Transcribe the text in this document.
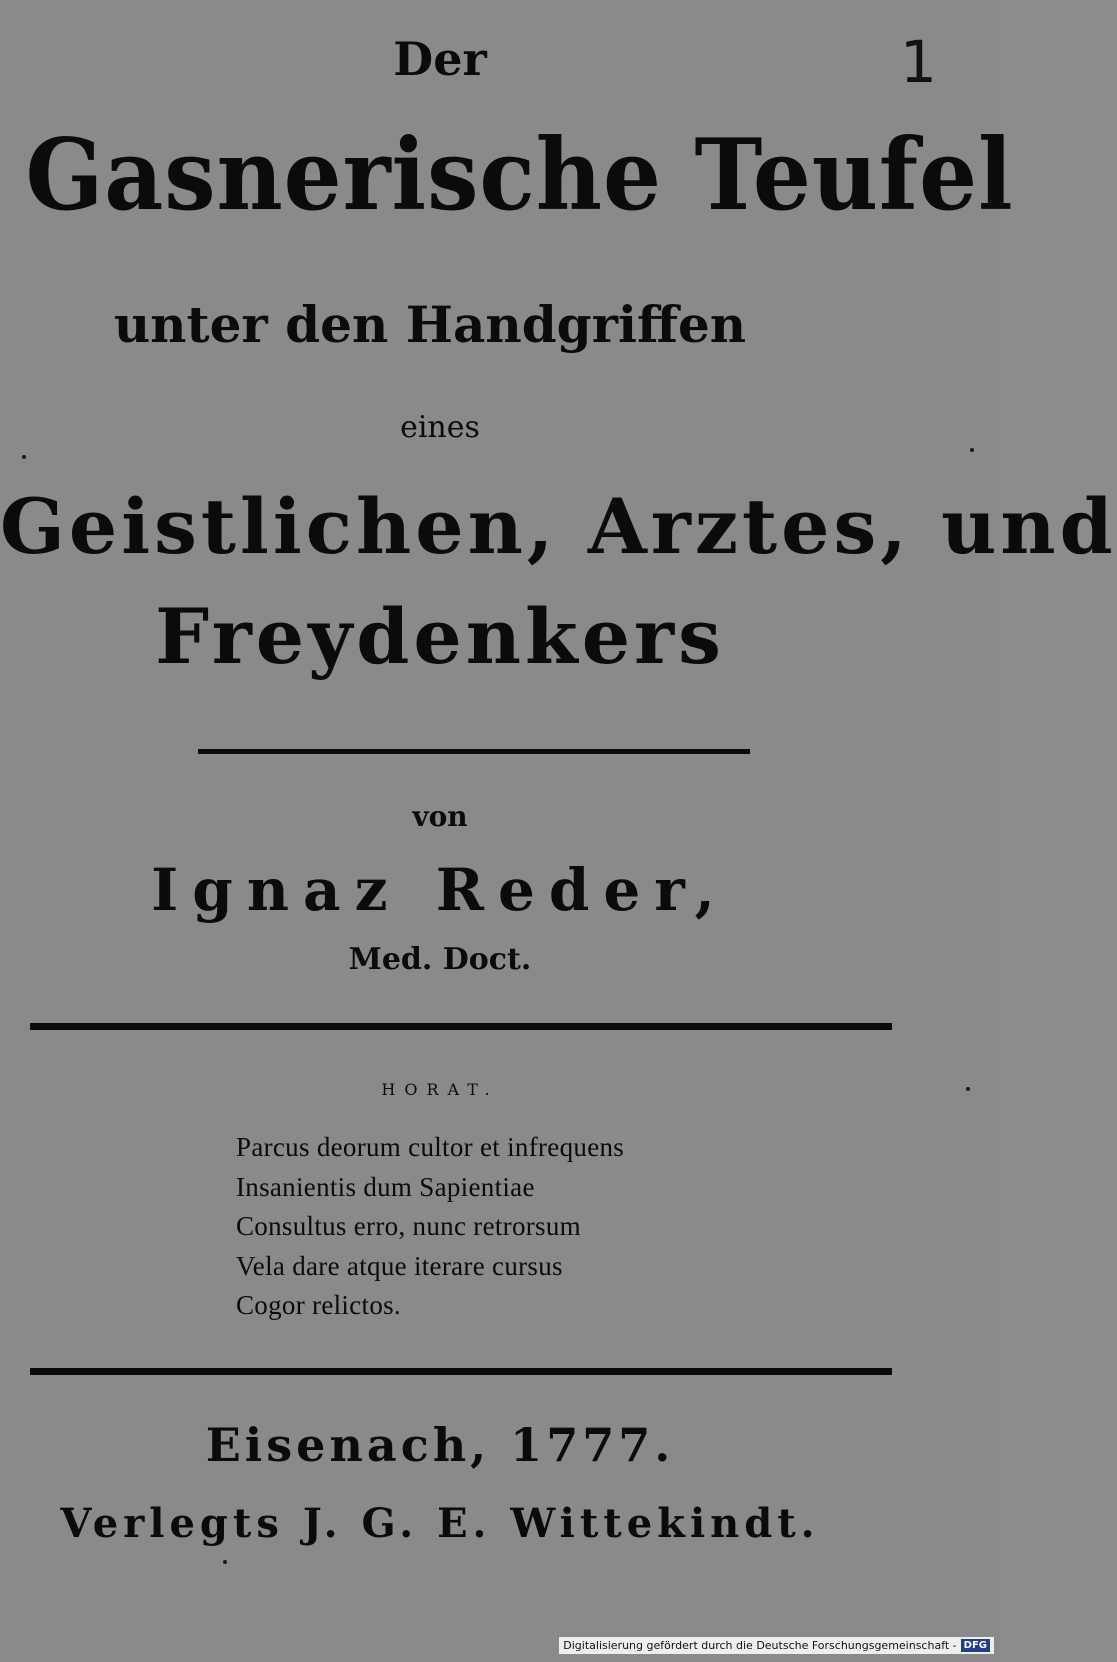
1
Der
Gasnerische Teufel
unter den Handgriffen
eines
Geistlichen, Arztes, und
Freydenkers
von
Ignaz Reder,
Med. Doct.
HORAT.
Parcus deorum cultor et infrequens
Insanientis dum Sapientiae
Consultus erro, nunc retrorsum
Vela dare atque iterare cursus
Cogor relictos.
Eisenach, 1777.
Verlegts J. G. E. Wittekindt.
Digitalisierung gefördert durch die Deutsche Forschungsgemeinschaft - DFG
